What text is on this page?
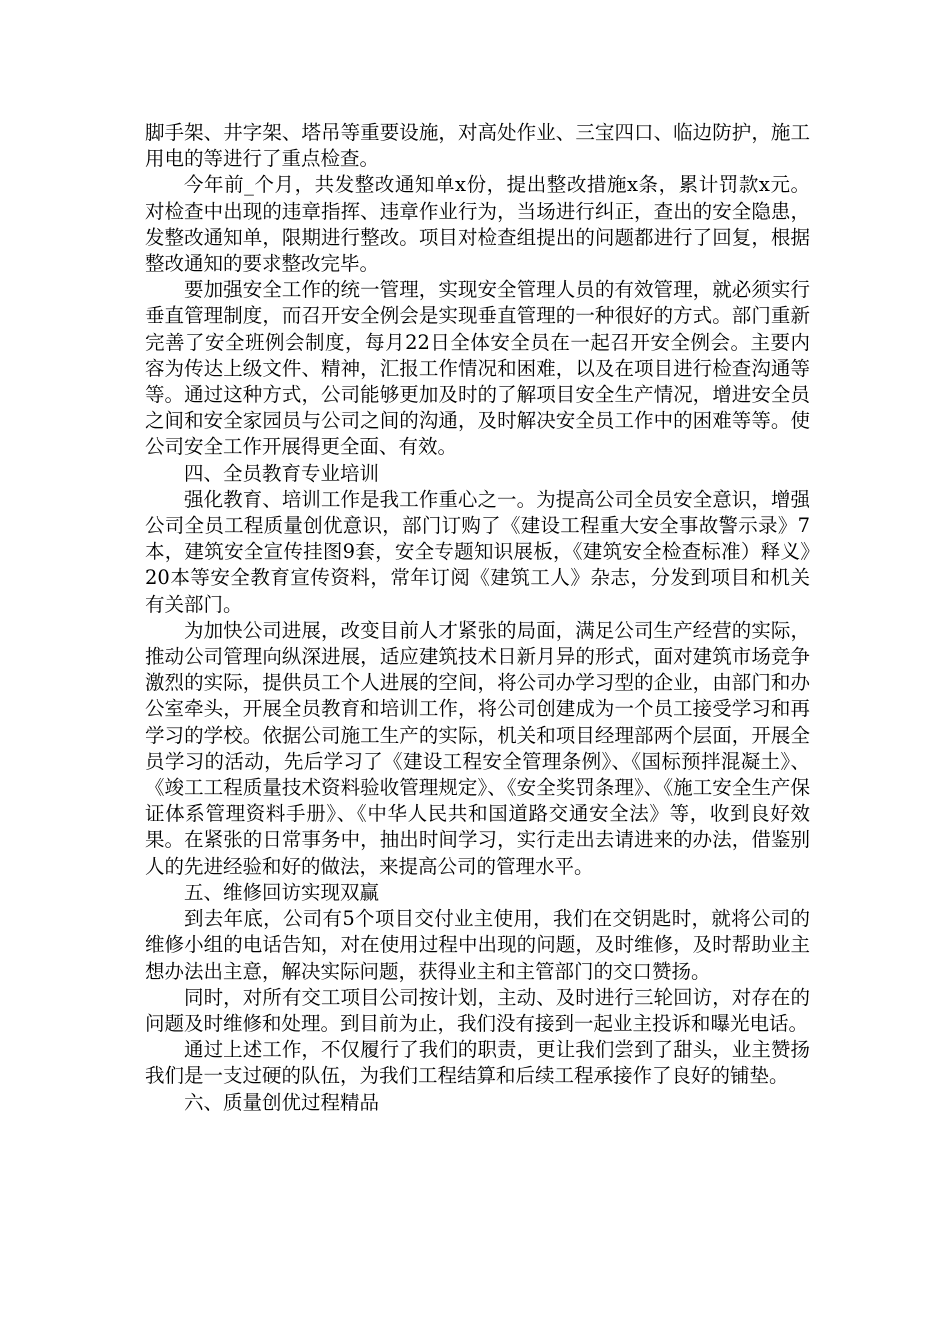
脚手架、井字架、塔吊等重要设施，对高处作业、三宝四口、临边防护，施工用电的等进行了重点检查。

今年前_个月，共发整改通知单x份，提出整改措施x条，累计罚款x元。对检查中出现的违章指挥、违章作业行为，当场进行纠正，查出的安全隐患，发整改通知单，限期进行整改。项目对检查组提出的问题都进行了回复，根据整改通知的要求整改完毕。

要加强安全工作的统一管理，实现安全管理人员的有效管理，就必须实行垂直管理制度，而召开安全例会是实现垂直管理的一种很好的方式。部门重新完善了安全班例会制度，每月22日全体安全员在一起召开安全例会。主要内容为传达上级文件、精神，汇报工作情况和困难，以及在项目进行检查沟通等等。通过这种方式，公司能够更加及时的了解项目安全生产情况，增进安全员之间和安全家园员与公司之间的沟通，及时解决安全员工作中的困难等等。使公司安全工作开展得更全面、有效。

四、全员教育专业培训

强化教育、培训工作是我工作重心之一。为提高公司全员安全意识，增强公司全员工程质量创优意识，部门订购了《建设工程重大安全事故警示录》7本，建筑安全宣传挂图9套，安全专题知识展板，《建筑安全检查标准）释义》20本等安全教育宣传资料，常年订阅《建筑工人》杂志，分发到项目和机关有关部门。

为加快公司进展，改变目前人才紧张的局面，满足公司生产经营的实际，推动公司管理向纵深进展，适应建筑技术日新月异的形式，面对建筑市场竞争激烈的实际，提供员工个人进展的空间，将公司办学习型的企业，由部门和办公室牵头，开展全员教育和培训工作，将公司创建成为一个员工接受学习和再学习的学校。依据公司施工生产的实际，机关和项目经理部两个层面，开展全员学习的活动，先后学习了《建设工程安全管理条例》、《国标预拌混凝土》、《竣工工程质量技术资料验收管理规定》、《安全奖罚条理》、《施工安全生产保证体系管理资料手册》、《中华人民共和国道路交通安全法》等，收到良好效果。在紧张的日常事务中，抽出时间学习，实行走出去请进来的办法，借鉴别人的先进经验和好的做法，来提高公司的管理水平。

五、维修回访实现双赢

到去年底，公司有5个项目交付业主使用，我们在交钥匙时，就将公司的维修小组的电话告知，对在使用过程中出现的问题，及时维修，及时帮助业主想办法出主意，解决实际问题，获得业主和主管部门的交口赞扬。

同时，对所有交工项目公司按计划，主动、及时进行三轮回访，对存在的问题及时维修和处理。到目前为止，我们没有接到一起业主投诉和曝光电话。

通过上述工作，不仅履行了我们的职责，更让我们尝到了甜头，业主赞扬我们是一支过硬的队伍，为我们工程结算和后续工程承接作了良好的铺垫。

六、质量创优过程精品
